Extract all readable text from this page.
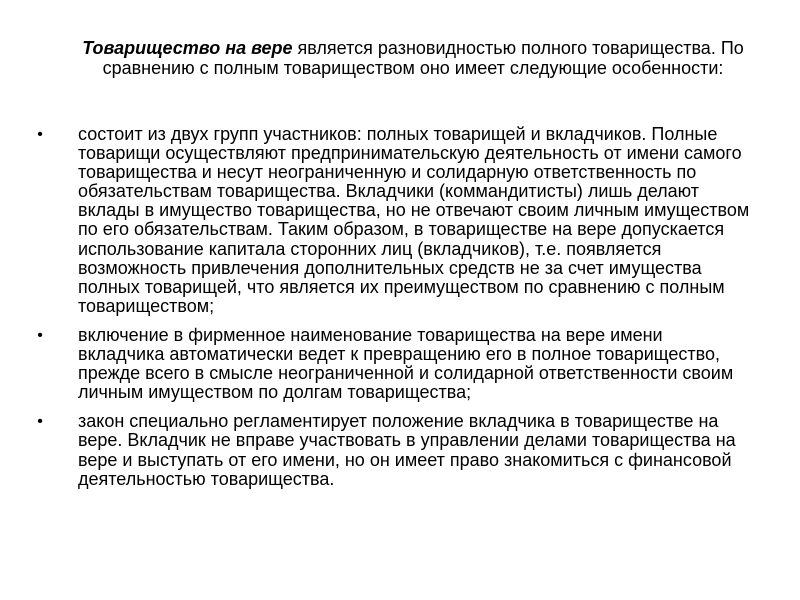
Товарищество на вере является разновидностью полного товарищества. По сравнению с полным товариществом оно имеет следующие особенности:

• состоит из двух групп участников: полных товарищей и вкладчиков. Полные товарищи осуществляют предпринимательскую деятельность от имени самого товарищества и несут неограниченную и солидарную ответственность по обязательствам товарищества. Вкладчики (коммандитисты) лишь делают вклады в имущество товарищества, но не отвечают своим личным имуществом по его обязательствам. Таким образом, в товариществе на вере допускается использование капитала сторонних лиц (вкладчиков), т.е. появляется возможность привлечения дополнительных средств не за счет имущества полных товарищей, что является их преимуществом по сравнению с полным товариществом;
• включение в фирменное наименование товарищества на вере имени вкладчика автоматически ведет к превращению его в полное товарищество, прежде всего в смысле неограниченной и солидарной ответственности своим личным имуществом по долгам товарищества;
• закон специально регламентирует положение вкладчика в товариществе на вере. Вкладчик не вправе участвовать в управлении делами товарищества на вере и выступать от его имени, но он имеет право знакомиться с финансовой деятельностью товарищества.
